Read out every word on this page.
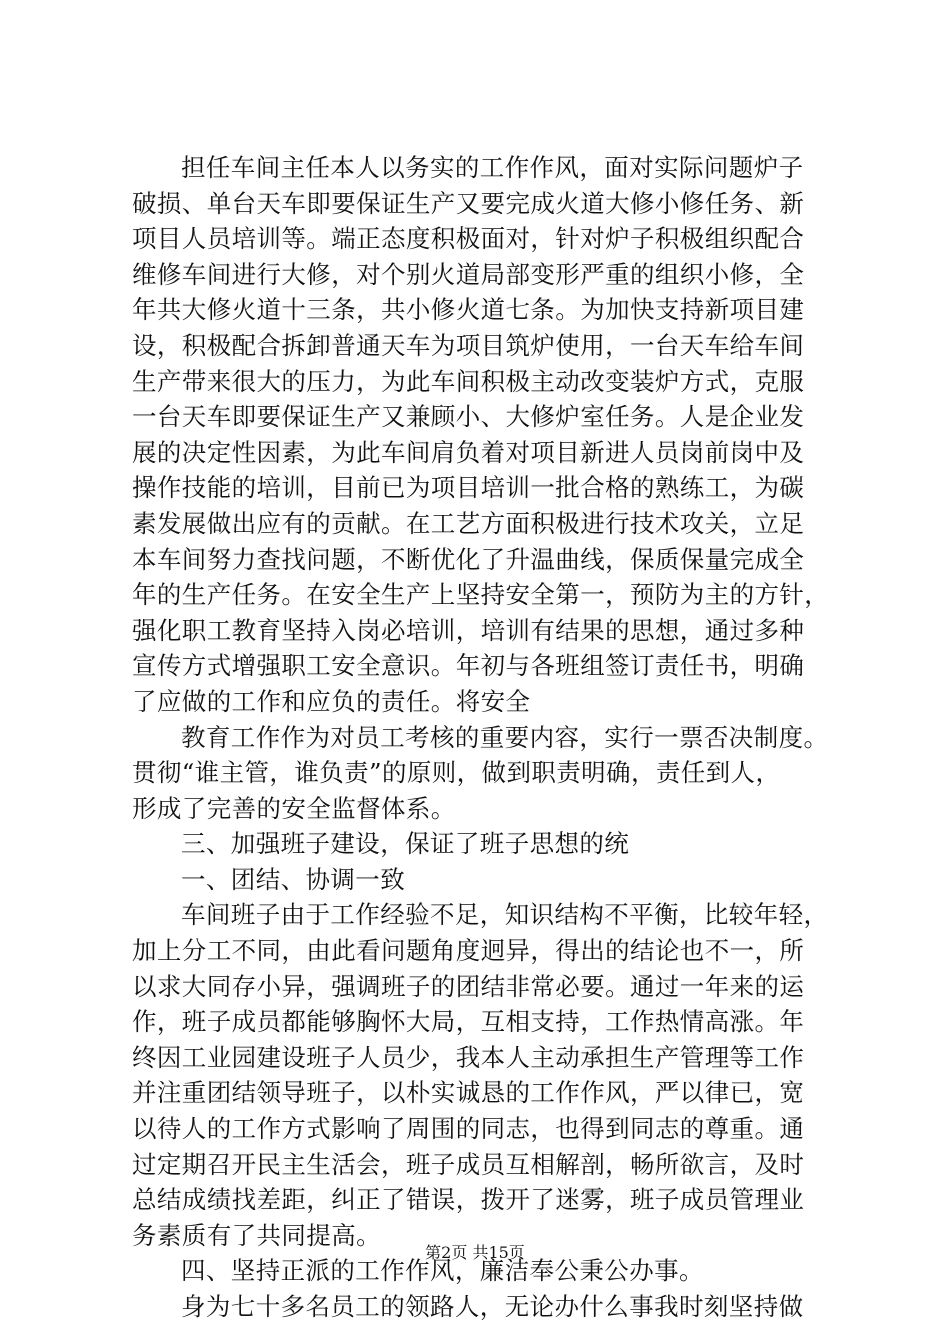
担任车间主任本人以务实的工作作风，面对实际问题炉子
破损、单台天车即要保证生产又要完成火道大修小修任务、新
项目人员培训等。端正态度积极面对，针对炉子积极组织配合
维修车间进行大修，对个别火道局部变形严重的组织小修，全
年共大修火道十三条，共小修火道七条。为加快支持新项目建
设，积极配合拆卸普通天车为项目筑炉使用，一台天车给车间
生产带来很大的压力，为此车间积极主动改变装炉方式，克服
一台天车即要保证生产又兼顾小、大修炉室任务。人是企业发
展的决定性因素，为此车间肩负着对项目新进人员岗前岗中及
操作技能的培训，目前已为项目培训一批合格的熟练工，为碳
素发展做出应有的贡献。在工艺方面积极进行技术攻关，立足
本车间努力查找问题，不断优化了升温曲线，保质保量完成全
年的生产任务。在安全生产上坚持安全第一，预防为主的方针，
强化职工教育坚持入岗必培训，培训有结果的思想，通过多种
宣传方式增强职工安全意识。年初与各班组签订责任书，明确
了应做的工作和应负的责任。将安全
教育工作作为对员工考核的重要内容，实行一票否决制度。
贯彻“谁主管，谁负责”的原则，做到职责明确，责任到人，
形成了完善的安全监督体系。
三、加强班子建设，保证了班子思想的统
一、团结、协调一致
车间班子由于工作经验不足，知识结构不平衡，比较年轻，
加上分工不同，由此看问题角度迥异，得出的结论也不一，所
以求大同存小异，强调班子的团结非常必要。通过一年来的运
作，班子成员都能够胸怀大局，互相支持，工作热情高涨。年
终因工业园建设班子人员少，我本人主动承担生产管理等工作
并注重团结领导班子，以朴实诚恳的工作作风，严以律已，宽
以待人的工作方式影响了周围的同志，也得到同志的尊重。通
过定期召开民主生活会，班子成员互相解剖，畅所欲言，及时
总结成绩找差距，纠正了错误，拨开了迷雾，班子成员管理业
务素质有了共同提高。
四、坚持正派的工作作风，廉洁奉公秉公办事。
身为七十多名员工的领路人，无论办什么事我时刻坚持做
第2页 共15页
